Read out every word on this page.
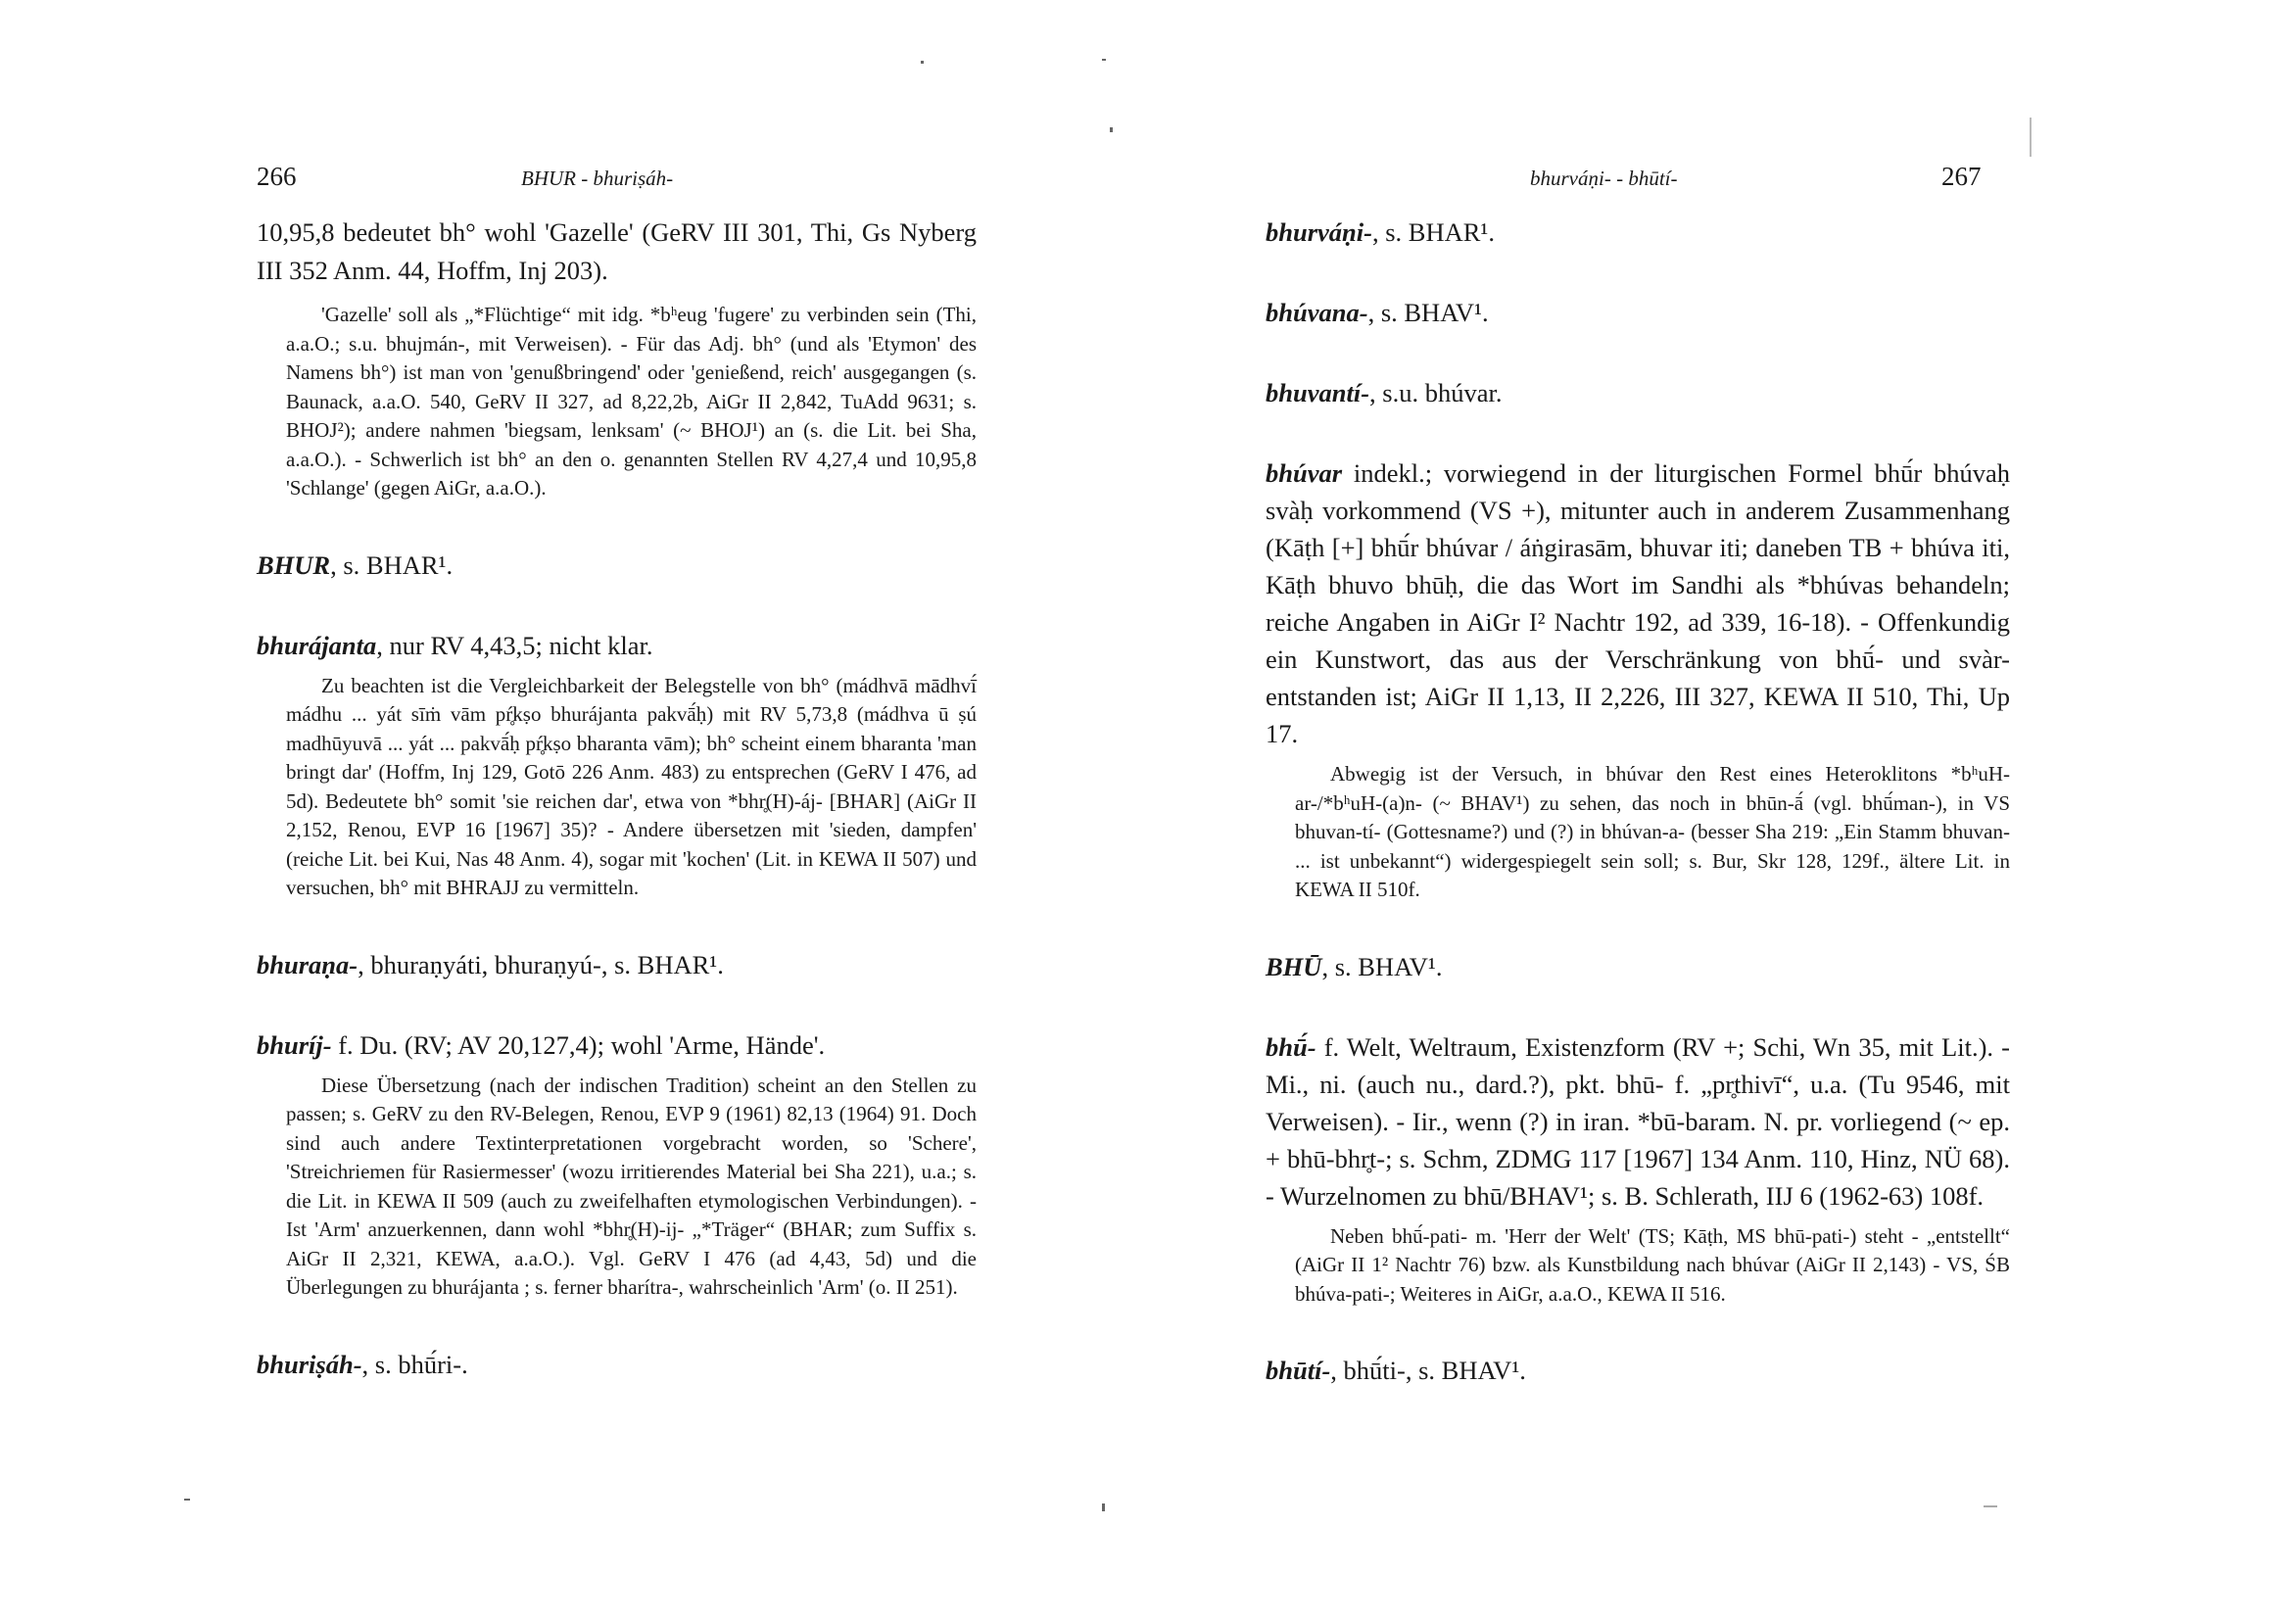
266	BHUR - bhuriṣáh-

10,95,8 bedeutet bh° wohl 'Gazelle' (GeRV III 301, Thi, Gs Nyberg III 352 Anm. 44, Hoffm, Inj 203).

'Gazelle' soll als „*Flüchtige“ mit idg. *bʰeug 'fugere' zu verbinden sein (Thi, a.a.O.; s.u. bhujmán-, mit Verweisen). - Für das Adj. bh° (und als 'Etymon' des Namens bh°) ist man von 'genußbringend' oder 'genießend, reich' ausgegangen (s. Baunack, a.a.O. 540, GeRV II 327, ad 8,22,2b, AiGr II 2,842, TuAdd 9631; s. BHOJ²); andere nahmen 'biegsam, lenksam' (~ BHOJ¹) an (s. die Lit. bei Sha, a.a.O.). - Schwerlich ist bh° an den o. genannten Stellen RV 4,27,4 und 10,95,8 'Schlange' (gegen AiGr, a.a.O.).

BHUR, s. BHAR¹.

bhurájanta, nur RV 4,43,5; nicht klar.

Zu beachten ist die Vergleichbarkeit der Belegstelle von bh° (mádhvā mādhvī́ mádhu ... yát sīṁ vām pŕ̥kṣo bhurájanta pakvā́ḥ) mit RV 5,73,8 (mádhva ū ṣú madhūyuvā ... yát ... pakvā́ḥ pŕ̥kṣo bharanta vām); bh° scheint einem bharanta 'man bringt dar' (Hoffm, Inj 129, Gotō 226 Anm. 483) zu entsprechen (GeRV I 476, ad 5d). Bedeutete bh° somit 'sie reichen dar', etwa von *bhr̥(H)-áj- [BHAR] (AiGr II 2,152, Renou, EVP 16 [1967] 35)? - Andere übersetzen mit 'sieden, dampfen' (reiche Lit. bei Kui, Nas 48 Anm. 4), sogar mit 'kochen' (Lit. in KEWA II 507) und versuchen, bh° mit BHRAJJ zu vermitteln.

bhuraṇa-, bhuraṇyáti, bhuraṇyú-, s. BHAR¹.

bhuríj- f. Du. (RV; AV 20,127,4); wohl 'Arme, Hände'.

Diese Übersetzung (nach der indischen Tradition) scheint an den Stellen zu passen; s. GeRV zu den RV-Belegen, Renou, EVP 9 (1961) 82,13 (1964) 91. Doch sind auch andere Textinterpretationen vorgebracht worden, so 'Schere', 'Streichriemen für Rasiermesser' (wozu irritierendes Material bei Sha 221), u.a.; s. die Lit. in KEWA II 509 (auch zu zweifelhaften etymologischen Verbindungen). - Ist 'Arm' anzuerkennen, dann wohl *bhr̥(H)-ij- „*Träger“ (BHAR; zum Suffix s. AiGr II 2,321, KEWA, a.a.O.). Vgl. GeRV I 476 (ad 4,43, 5d) und die Überlegungen zu bhurájanta ; s. ferner bharítra-, wahrscheinlich 'Arm' (o. II 251).

bhuriṣáh-, s. bhū́ri-.

bhurváṇi- - bhūtí-	267

bhurváṇi-, s. BHAR¹.

bhúvana-, s. BHAV¹.

bhuvantí-, s.u. bhúvar.

bhúvar indekl.; vorwiegend in der liturgischen Formel bhū́r bhúvaḥ svàḥ vorkommend (VS +), mitunter auch in anderem Zusammenhang (Kāṭh [+] bhū́r bhúvar / áṅgirasām, bhuvar iti; daneben TB + bhúva iti, Kāṭh bhuvo bhūḥ, die das Wort im Sandhi als *bhúvas behandeln; reiche Angaben in AiGr I² Nachtr 192, ad 339, 16-18). - Offenkundig ein Kunstwort, das aus der Verschränkung von bhū́- und svàr- entstanden ist; AiGr II 1,13, II 2,226, III 327, KEWA II 510, Thi, Up 17.

Abwegig ist der Versuch, in bhúvar den Rest eines Heteroklitons *bʰuH-ar-/*bʰuH-(a)n- (~ BHAV¹) zu sehen, das noch in bhūn-ā́ (vgl. bhū́man-), in VS bhuvan-tí- (Gottesname?) und (?) in bhúvan-a- (besser Sha 219: „Ein Stamm bhuvan- ... ist unbekannt“) widergespiegelt sein soll; s. Bur, Skr 128, 129f., ältere Lit. in KEWA II 510f.

BHŪ, s. BHAV¹.

bhū́- f. Welt, Weltraum, Existenzform (RV +; Schi, Wn 35, mit Lit.). - Mi., ni. (auch nu., dard.?), pkt. bhū- f. „pr̥thivī“, u.a. (Tu 9546, mit Verweisen). - Iir., wenn (?) in iran. *bū-baram. N. pr. vorliegend (~ ep. + bhū-bhr̥t-; s. Schm, ZDMG 117 [1967] 134 Anm. 110, Hinz, NÜ 68). - Wurzelnomen zu bhū/BHAV¹; s. B. Schlerath, IIJ 6 (1962-63) 108f.

Neben bhū́-pati- m. 'Herr der Welt' (TS; Kāṭh, MS bhū-pati-) steht - „entstellt“ (AiGr II 1² Nachtr 76) bzw. als Kunstbildung nach bhúvar (AiGr II 2,143) - VS, ŚB bhúva-pati-; Weiteres in AiGr, a.a.O., KEWA II 516.

bhūtí-, bhū́ti-, s. BHAV¹.
